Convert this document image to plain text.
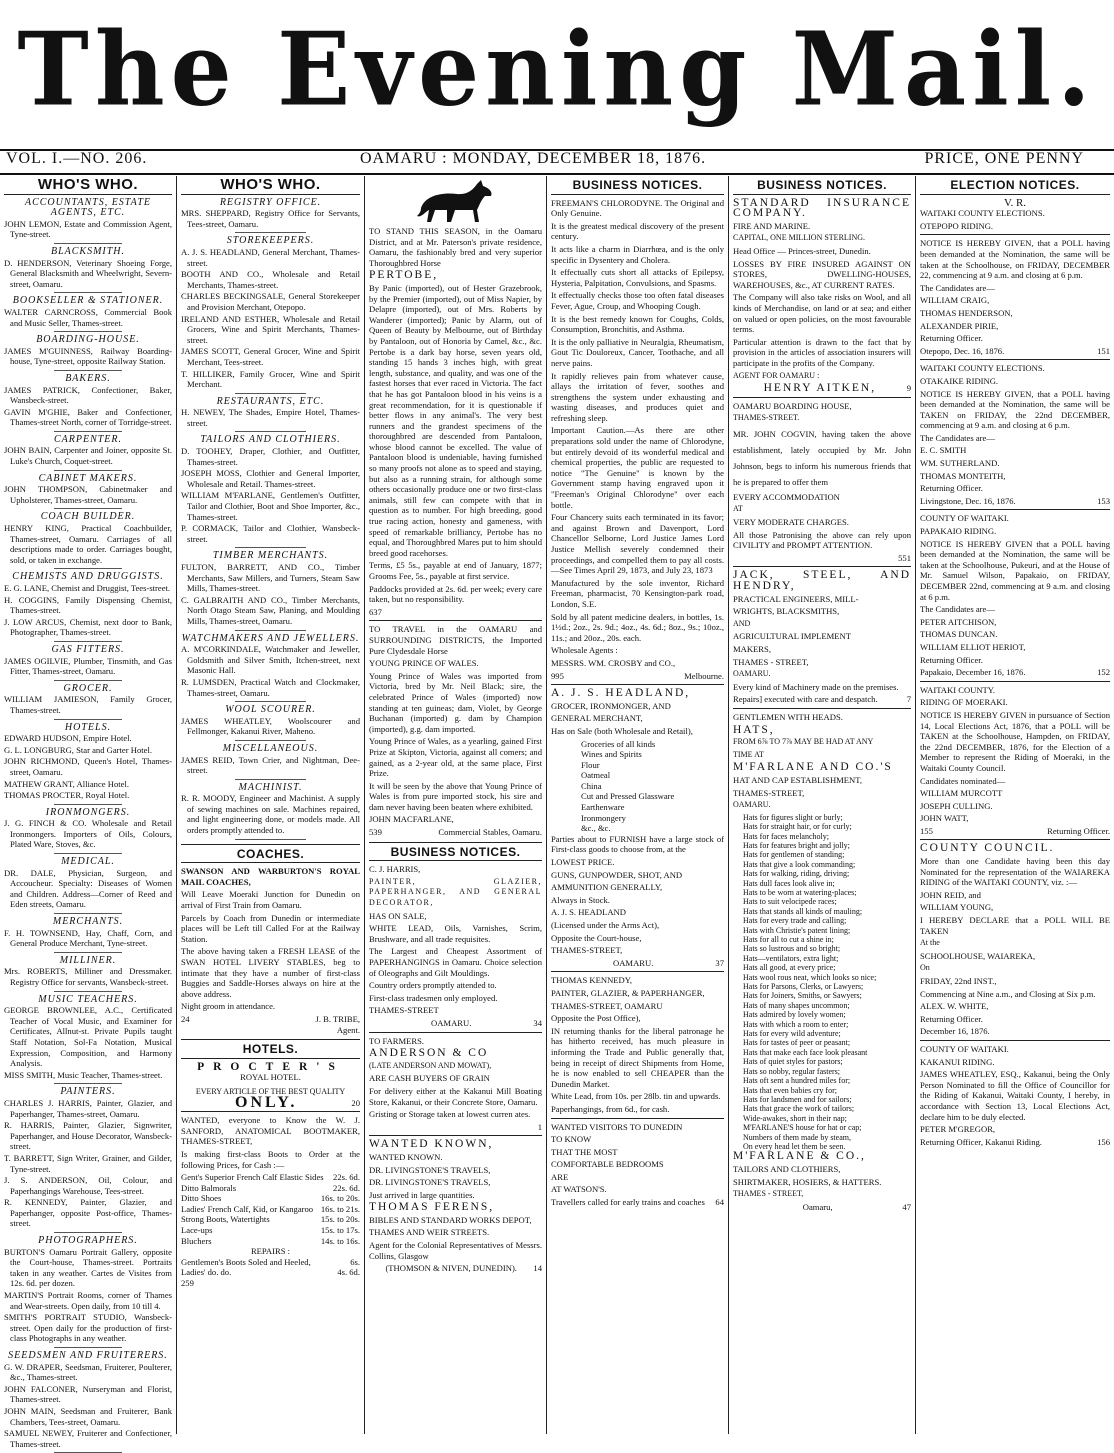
The Evening Mail.
VOL. I.—NO. 206.	OAMARU : MONDAY, DECEMBER 18, 1876.	PRICE, ONE PENNY
WHO'S WHO.
ACCOUNTANTS, ESTATE AGENTS, ETC.
JOHN LEMON, Estate and Commission Agent, Tyne-street.
BLACKSMITH.
D. HENDERSON, Veterinary Shoeing Forge, General Blacksmith and Wheelwright, Severn-street, Oamaru.
BOOKSELLER & STATIONER.
WALTER CARNCROSS, Commercial Book and Music Seller, Thames-street.
BOARDING-HOUSE.
JAMES M'GUINNESS, Railway Boarding-house, Tyne-street, opposite Railway Station.
BAKERS.
JAMES PATRICK, Confectioner, Baker, Wansbeck-street.
GAVIN M'GHIE, Baker and Confectioner, Thames-street North, corner of Torridge-street.
CARPENTER.
JOHN BAIN, Carpenter and Joiner, opposite St. Luke's Church, Coquet-street.
CABINET MAKERS.
JOHN THOMPSON, Cabinetmaker and Upholsterer, Thames-street, Oamaru.
COACH BUILDER.
HENRY KING, Practical Coachbuilder, Thames-street, Oamaru. Carriages of all descriptions made to order. Carriages bought, sold, or taken in exchange.
CHEMISTS AND DRUGGISTS.
E. G. LANE, Chemist and Druggist, Tees-street.
H. COGGINS, Family Dispensing Chemist, Thames-street.
J. LOW ARCUS, Chemist, next door to Bank, Photographer, Thames-street.
GAS FITTERS.
JAMES OGILVIE, Plumber, Tinsmith, and Gas Fitter, Thames-street, Oamaru.
GROCER.
WILLIAM JAMIESON, Family Grocer, Thames-street.
HOTELS.
EDWARD HUDSON, Empire Hotel.
G. L. LONGBURG, Star and Garter Hotel.
JOHN RICHMOND, Queen's Hotel, Thames-street, Oamaru.
MATHEW GRANT, Alliance Hotel.
THOMAS PROCTER, Royal Hotel.
IRONMONGERS.
J. G. FINCH & CO. Wholesale and Retail Ironmongers. Importers of Oils, Colours, Plated Ware, Stoves, &c.
MEDICAL.
DR. DALE, Physician, Surgeon, and Accoucheur. Specialty: Diseases of Women and Children. Address—Corner of Reed and Eden streets, Oamaru.
MERCHANTS.
F. H. TOWNSEND, Hay, Chaff, Corn, and General Produce Merchant, Tyne-street.
MILLINER.
Mrs. ROBERTS, Milliner and Dressmaker. Registry Office for servants, Wansbeck-street.
MUSIC TEACHERS.
GEORGE BROWNLEE, A.C., Certificated Teacher of Vocal Music, and Examiner for Certificates, Allnut-st. Private Pupils taught Staff Notation, Sol-Fa Notation, Musical Expression, Composition, and Harmony Analysis.
MISS SMITH, Music Teacher, Thames-street.
PAINTERS.
CHARLES J. HARRIS, Painter, Glazier, and Paperhanger, Thames-street, Oamaru.
R. HARRIS, Painter, Glazier, Signwriter, Paperhanger, and House Decorator, Wansbeck-street.
T. BARRETT, Sign Writer, Grainer, and Gilder, Tyne-street.
J. S. ANDERSON, Oil, Colour, and Paperhangings Warehouse, Tees-street.
R. KENNEDY, Painter, Glazier, and Paperhanger, opposite Post-office, Thames-street.
PHOTOGRAPHERS.
BURTON'S Oamaru Portrait Gallery, opposite the Court-house, Thames-street. Portraits taken in any weather. Cartes de Visites from 12s. 6d. per dozen.
MARTIN'S Portrait Rooms, corner of Thames and Wear-streets. Open daily, from 10 till 4.
SMITH'S PORTRAIT STUDIO, Wansbeck-street. Open daily for the production of first-class Photographs in any weather.
SEEDSMEN AND FRUITERERS.
G. W. DRAPER, Seedsman, Fruiterer, Poulterer, &c., Thames-street.
JOHN FALCONER, Nurseryman and Florist, Thames-street.
JOHN MAIN, Seedsman and Fruiterer, Bank Chambers, Tees-street, Oamaru.
SAMUEL NEWEY, Fruiterer and Confectioner, Thames-street.
WHO'S WHO.
REGISTRY OFFICE.
MRS. SHEPPARD, Registry Office for Servants, Tees-street, Oamaru.
STOREKEEPERS.
A. J. S. HEADLAND, General Merchant, Thames-street.
BOOTH AND CO., Wholesale and Retail Merchants, Thames-street.
CHARLES BECKINGSALE, General Storekeeper and Provision Merchant, Otepopo.
IRELAND AND ESTHER, Wholesale and Retail Grocers, Wine and Spirit Merchants, Thames-street.
JAMES SCOTT, General Grocer, Wine and Spirit Merchant, Tees-street.
T. HILLIKER, Family Grocer, Wine and Spirit Merchant.
RESTAURANTS, ETC.
H. NEWEY, The Shades, Empire Hotel, Thames-street.
TAILORS AND CLOTHIERS.
D. TOOHEY, Draper, Clothier, and Outfitter, Thames-street.
JOSEPH MOSS, Clothier and General Importer, Wholesale and Retail. Thames-street.
WILLIAM M'FARLANE, Gentlemen's Outfitter, Tailor and Clothier, Boot and Shoe Importer, &c., Thames-street.
P. CORMACK, Tailor and Clothier, Wansbeck-street.
TIMBER MERCHANTS.
FULTON, BARRETT, AND CO., Timber Merchants, Saw Millers, and Turners, Steam Saw Mills, Thames-street.
C. GALBRAITH AND CO., Timber Merchants, North Otago Steam Saw, Planing, and Moulding Mills, Thames-street, Oamaru.
WATCHMAKERS AND JEWELLERS.
A. M'CORKINDALE, Watchmaker and Jeweller, Goldsmith and Silver Smith, Itchen-street, next Masonic Hall.
R. LUMSDEN, Practical Watch and Clockmaker, Thames-street, Oamaru.
WOOL SCOURER.
JAMES WHEATLEY, Woolscourer and Fellmonger, Kakanui River, Maheno.
MISCELLANEOUS.
JAMES REID, Town Crier, and Nightman, Dee-street.
MACHINIST.
R. R. MOODY, Engineer and Machinist. A supply of sewing machines on sale. Machines repaired, and light engineering done, or models made. All orders promptly attended to.
COACHES.

SWANSON AND WARBURTON'S ROYAL MAIL COACHES,

Will Leave Moeraki Junction for Dunedin on arrival of First Train from Oamaru.

Parcels by Coach from Dunedin or intermediate places will be Left till Called For at the Railway Station.

The above having taken a FRESH LEASE of the SWAN HOTEL LIVERY STABLES, beg to intimate that they have a number of first-class Buggies and Saddle-Horses always on hire at the above address.

Night groom in attendance.

24	J. B. TRIBE,
Agent.
HOTELS.
PROCTER'S
ROYAL HOTEL.
EVERY ARTICLE OF THE BEST QUALITY
ONLY.	20

WANTED, everyone to Know the W. J. SANFORD, ANATOMICAL BOOTMAKER, THAMES-STREET,

Is making first-class Boots to Order at the following Prices, for Cash :—

Gent's Superior French Calf Elastic Sides 22s. 6d.
Ditto Balmorals	22s. 6d.
Ditto Shoes	16s. to 20s.
Ladies' French Calf, Kid, or Kangaroo 16s. to 21s.
Strong Boots, Watertights	15s. to 20s.
Lace-ups	15s. to 17s.
Bluchers	14s. to 16s.
REPAIRS :
Gentlemen's Boots Soled and Heeled,	6s.
Ladies' do. do.	4s. 6d.
259

TO STAND THIS SEASON, in the Oamaru District, and at Mr. Paterson's private residence, Oamaru, the fashionably bred and very superior Thoroughbred Horse

PERTOBE,

By Panic (imported), out of Hester Grazebrook, by the Premier (imported), out of Miss Napier, by Delapre (imported), out of Mrs. Roberts by Wanderer (imported); Panic by Alarm, out of Queen of Beauty by Melbourne, out of Birthday by Pantaloon, out of Honoria by Camel, &c., &c. Pertobe is a dark bay horse, seven years old, standing 15 hands 3 inches high, with great length, substance, and quality, and was one of the fastest horses that ever raced in Victoria. The fact that he has got Pantaloon blood in his veins is a great recommendation, for it is questionable if better flows in any animal's. The very best runners and the grandest specimens of the thoroughbred are descended from Pantaloon, whose blood cannot be excelled. The value of Pantaloon blood is undeniable, having furnished so many proofs not alone as to speed and staying, but also as a running strain, for although some others occasionally produce one or two first-class animals, still few can compete with that in question as to number. For high breeding, good true racing action, honesty and gameness, with speed of remarkable brilliancy, Pertobe has no equal, and Thoroughbred Mares put to him should breed good racehorses.

Terms, £5 5s., payable at end of January, 1877; Grooms Fee, 5s., payable at first service.

Paddocks provided at 2s. 6d. per week; every care taken, but no responsibility.

637

TO TRAVEL in the OAMARU and SURROUNDING DISTRICTS, the Imported Pure Clydesdale Horse

YOUNG PRINCE OF WALES.

Young Prince of Wales was imported from Victoria, bred by Mr. Neil Black; sire, the celebrated Prince of Wales (imported) now standing at ten guineas; dam, Violet, by George Buchanan (imported) g. dam by Champion (imported), g.g. dam imported.

Young Prince of Wales, as a yearling, gained First Prize at Skipton, Victoria, against all comers; and gained, as a 2-year old, at the same place, First Prize.

It will be seen by the above that Young Prince of Wales is from pure imported stock, his sire and dam never having been beaten where exhibited.

JOHN MACFARLANE,

539	Commercial Stables, Oamaru.
BUSINESS NOTICES.

C. J. HARRIS,

PAINTER, GLAZIER, PAPERHANGER, AND GENERAL DECORATOR,

HAS ON SALE,

WHITE LEAD, Oils, Varnishes, Scrim, Brushware, and all trade requisites.

The Largest and Cheapest Assortment of PAPERHANGINGS in Oamaru. Choice selection of Oleographs and Gilt Mouldings.

Country orders promptly attended to.

First-class tradesmen only employed.

THAMES-STREET

OAMARU.	34

TO FARMERS.

ANDERSON & CO

(LATE ANDERSON AND MOWAT),

ARE CASH BUYERS OF GRAIN

For delivery either at the Kakanui Mill Boating Store, Kakanui, or their Concrete Store, Oamaru.

Gristing or Storage taken at lowest curren ates.

1

WANTED KNOWN,

WANTED KNOWN.

DR. LIVINGSTONE'S TRAVELS,

DR. LIVINGSTONE'S TRAVELS,

Just arrived in large quantities.

THOMAS FERENS,

BIBLES AND STANDARD WORKS DEPOT,

THAMES AND WEIR STREETS.

Agent for the Colonial Representatives of Messrs. Collins, Glasgow

(THOMSON & NIVEN, DUNEDIN). 14
BUSINESS NOTICES.

FREEMAN'S CHLORODYNE. The Original and Only Genuine.

It is the greatest medical discovery of the present century.

It acts like a charm in Diarrhœa, and is the only specific in Dysentery and Cholera.

It effectually cuts short all attacks of Epilepsy, Hysteria, Palpitation, Convulsions, and Spasms.

It effectually checks those too often fatal diseases Fever, Ague, Croup, and Whooping Cough.

It is the best remedy known for Coughs, Colds, Consumption, Bronchitis, and Asthma.

It is the only palliative in Neuralgia, Rheumatism, Gout Tic Douloreux, Cancer, Toothache, and all nerve pains.

It rapidly relieves pain from whatever cause, allays the irritation of fever, soothes and strengthens the system under exhausting and wasting diseases, and produces quiet and refreshing sleep.

Important Caution.—As there are other preparations sold under the name of Chlorodyne, but entirely devoid of its wonderful medical and chemical properties, the public are requested to notice "The Genuine" is known by the Government stamp having engraved upon it "Freeman's Original Chlorodyne" over each bottle.

Four Chancery suits each terminated in its favor; and against Brown and Davenport, Lord Chancellor Selborne, Lord Justice James Lord Justice Mellish severely condemned their proceedings, and compelled them to pay all costs.—See Times April 29, 1873, and July 23, 1873

Manufactured by the sole inventor, Richard Freeman, pharmacist, 70 Kensington-park road, London, S.E.

Sold by all patent medicine dealers, in bottles, 1s. 1½d.; 2oz., 2s. 9d.; 4oz., 4s. 6d.; 8oz., 9s.; 10oz., 11s.; and 20oz., 20s. each.

Wholesale Agents :

MESSRS. WM. CROSBY and CO.,

995	Melbourne.

A. J. S. HEADLAND,

GROCER, IRONMONGER, AND

GENERAL MERCHANT,

Has on Sale (both Wholesale and Retail),

Groceries of all kinds
Wines and Spirits
Flour
Oatmeal
China
Cut and Pressed Glassware
Earthenware
Ironmongery
&c., &c.

Parties about to FURNISH have a large stock of First-class goods to choose from, at the

LOWEST PRICE.

GUNS, GUNPOWDER, SHOT, AND

AMMUNITION GENERALLY,

Always in Stock.

A. J. S. HEADLAND

(Licensed under the Arms Act),

Opposite the Court-house,

THAMES-STREET,

OAMARU.	37

THOMAS KENNEDY,

PAINTER, GLAZIER, & PAPERHANGER,

THAMES-STREET, OAMARU

Opposite the Post Office),

IN returning thanks for the liberal patronage he has hitherto received, has much pleasure in informing the Trade and Public generally that, being in receipt of direct Shipments from Home, he is now enabled to sell CHEAPER than the Dunedin Market.

White Lead, from 10s. per 28lb. tin and upwards.

Paperhangings, from 6d., for cash.

WANTED VISITORS TO DUNEDIN

TO KNOW

THAT THE MOST

COMFORTABLE BEDROOMS

ARE

AT WATSON'S.

Travellers called for early trains and coaches 64
BUSINESS NOTICES.

STANDARD INSURANCE COMPANY.

FIRE AND MARINE.

CAPITAL, ONE MILLION STERLING.

Head Office — Princes-street, Dunedin.

LOSSES BY FIRE INSURED AGAINST ON STORES, DWELLING-HOUSES, WAREHOUSES, &c., AT CURRENT RATES.

The Company will also take risks on Wool, and all kinds of Merchandise, on land or at sea; and either on valued or open policies, on the most favourable terms.

Particular attention is drawn to the fact that by provision in the articles of association insurers will participate in the profits of the Company.

AGENT FOR OAMARU :

HENRY AITKEN,	9

OAMARU BOARDING HOUSE,

THAMES-STREET.

MR. JOHN COGVIN, having taken the above establishment, lately occupied by Mr. John Johnson, begs to inform his numerous friends that he is prepared to offer them

EVERY ACCOMMODATION

AT

VERY MODERATE CHARGES.

All those Patronising the above can rely upon CIVILITY and PROMPT ATTENTION.

551

JACK, STEEL, AND HENDRY,

PRACTICAL ENGINEERS, MILL-

WRIGHTS, BLACKSMITHS,

AND

AGRICULTURAL IMPLEMENT

MAKERS,

THAMES - STREET,

OAMARU.

Every kind of Machinery made on the premises.

Repairs] executed with care and despatch.	7

GENTLEMEN WITH HEADS.

HATS,

FROM 6⅞ TO 7⅞ MAY BE HAD AT ANY

TIME AT

M'FARLANE AND CO.'S

HAT AND CAP ESTABLISHMENT,

THAMES-STREET,

OAMARU.

Hats for figures slight or burly;
Hats for straight hair, or for curly;
Hats for faces melancholy;
Hats for features bright and jolly;
Hats for gentlemen of standing;
Hats that give a look commanding;
Hats for walking, riding, driving;
Hats dull faces look alive in;
Hats to be worn at watering-places;
Hats to suit velocipede races;
Hats that stands all kinds of mauling;
Hats for every trade and calling;
Hats with Christie's patent lining;
Hats for all to cut a shine in;
Hats so lustrous and so bright;
Hats—ventilators, extra light;
Hats all good, at every price;
Hats wool rous neat, which looks so nice;
Hats for Parsons, Clerks, or Lawyers;
Hats for Joiners, Smiths, or Sawyers;
Hats of many shapes uncommon;
Hats admired by lovely women;
Hats with which a room to enter;
Hats for every wild adventure;
Hats for tastes of peer or peasant;
Hats that make each face look pleasant
Hats of quiet styles for pastors;
Hats so nobby, regular fasters;
Hats oft sent a hundred miles for;
Hats that even babies cry for;
Hats for landsmen and for sailors;
Hats that grace the work of tailors;
Wide-awakes, short in their nap;
M'FARLANE'S house for hat or cap;
Numbers of them made by steam,
On every head let them be seen.

M'FARLANE & CO.,

TAILORS AND CLOTHIERS,

SHIRTMAKER, HOSIERS, & HATTERS.

THAMES - STREET,

Oamaru,	47
ELECTION NOTICES.
V. R.

WAITAKI COUNTY ELECTIONS.

OTEPOPO RIDING.

NOTICE IS HEREBY GIVEN, that a POLL having been demanded at the Nomination, the same will be taken at the Schoolhouse, on FRIDAY, DECEMBER 22, commencing at 9 a.m. and closing at 6 p.m.

The Candidates are—

WILLIAM CRAIG,

THOMAS HENDERSON,

ALEXANDER PIRIE,

Returning Officer.

Otepopo, Dec. 16, 1876.	151

WAITAKI COUNTY ELECTIONS.

OTAKAIKE RIDING.

NOTICE IS HEREBY GIVEN, that a POLL having been demanded at the Nomination, the same will be TAKEN on FRIDAY, the 22nd DECEMBER, commencing at 9 a.m. and closing at 6 p.m.

The Candidates are—

E. C. SMITH

WM. SUTHERLAND.

THOMAS MONTEITH,

Returning Officer.

Livingstone, Dec. 16, 1876.	153

COUNTY OF WAITAKI.

PAPAKAIO RIDING.

NOTICE IS HEREBY GIVEN that a POLL having been demanded at the Nomination, the same will be taken at the Schoolhouse, Pukeuri, and at the House of Mr. Samuel Wilson, Papakaio, on FRIDAY, DECEMBER 22nd, commencing at 9 a.m. and closing at 6 p.m.

The Candidates are—

PETER AITCHISON,

THOMAS DUNCAN.

WILLIAM ELLIOT HERIOT,

Returning Officer.

Papakaio, December 16, 1876.	152

WAITAKI COUNTY.

RIDING OF MOERAKI.

NOTICE IS HEREBY GIVEN in pursuance of Section 14, Local Elections Act, 1876, that a POLL will be TAKEN at the Schoolhouse, Hampden, on FRIDAY, the 22nd DECEMBER, 1876, for the Election of a Member to represent the Riding of Moeraki, in the Waitaki County Council.

Candidates nominated—

WILLIAM MURCOTT

JOSEPH CULLING.

JOHN WATT,

155	Returning Officer.

COUNTY COUNCIL.

More than one Candidate having been this day Nominated for the representation of the WAIAREKA RIDING of the WAITAKI COUNTY, viz. :—

JOHN REID, and

WILLIAM YOUNG,

I HEREBY DECLARE that a POLL WILL BE TAKEN

At the

SCHOOLHOUSE, WAIAREKA,

On

FRIDAY, 22nd INST.,

Commencing at Nine a.m., and Closing at Six p.m.

ALEX. W. WHITE,

Returning Officer.

December 16, 1876.

COUNTY OF WAITAKI.

KAKANUI RIDING.

JAMES WHEATLEY, ESQ., Kakanui, being the Only Person Nominated to fill the Office of Councillor for the Riding of Kakanui, Waitaki County, I hereby, in accordance with Section 13, Local Elections Act, declare him to be duly elected.

PETER M'GREGOR,

Returning Officer, Kakanui Riding.	156
